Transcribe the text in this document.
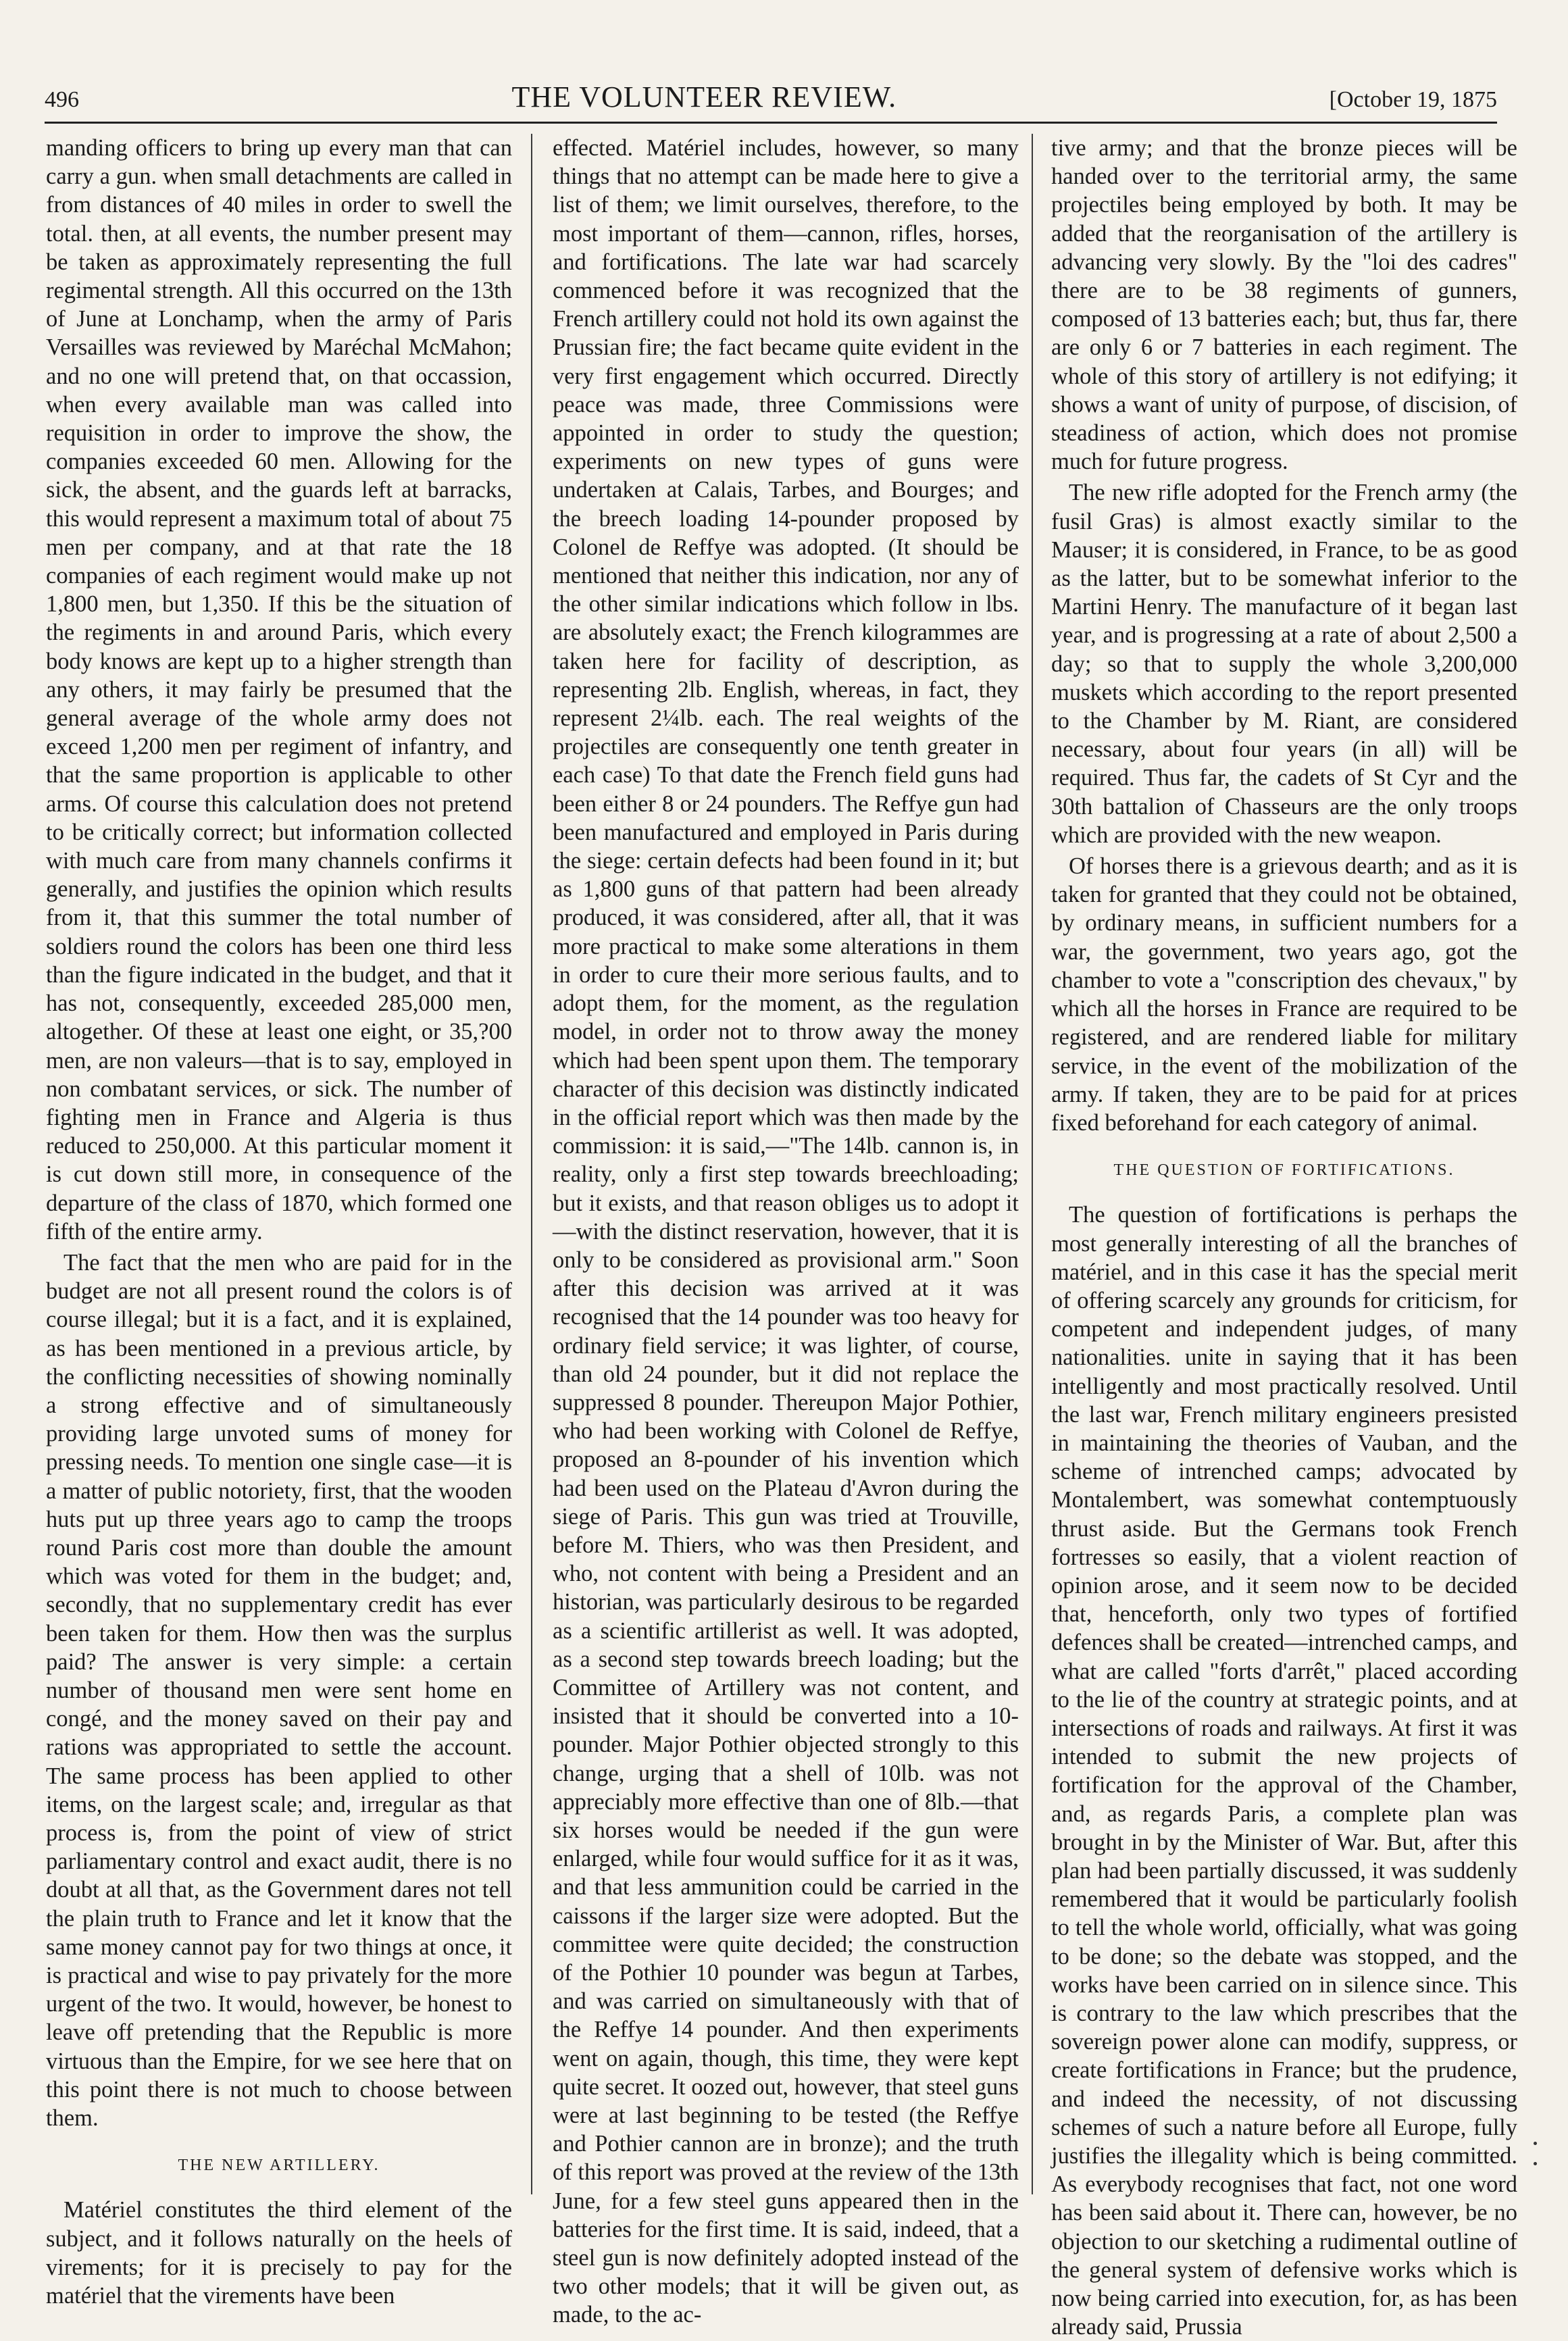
496	THE VOLUNTEER REVIEW.	[October 19, 1875

manding officers to bring up every man that can carry a gun. when small detachments are called in from distances of 40 miles in order to swell the total. then, at all events, the number present may be taken as approximately representing the full regimental strength. All this occurred on the 13th of June at Lonchamp, when the army of Paris Versailles was reviewed by Maréchal McMahon; and no one will pretend that, on that occassion, when every available man was called into requisition in order to improve the show, the companies exceeded 60 men. Allowing for the sick, the absent, and the guards left at barracks, this would represent a maximum total of about 75 men per company, and at that rate the 18 companies of each regiment would make up not 1,800 men, but 1,350. If this be the situation of the regiments in and around Paris, which every body knows are kept up to a higher strength than any others, it may fairly be presumed that the general average of the whole army does not exceed 1,200 men per regiment of infantry, and that the same proportion is applicable to other arms. Of course this calculation does not pretend to be critically correct; but information collected with much care from many channels confirms it generally, and justifies the opinion which results from it, that this summer the total number of soldiers round the colors has been one third less than the figure indicated in the budget, and that it has not, consequently, exceeded 285,000 men, altogether. Of these at least one eight, or 35,?00 men, are non valeurs—that is to say, employed in non combatant services, or sick. The number of fighting men in France and Algeria is thus reduced to 250,000. At this particular moment it is cut down still more, in consequence of the departure of the class of 1870, which formed one fifth of the entire army.

The fact that the men who are paid for in the budget are not all present round the colors is of course illegal; but it is a fact, and it is explained, as has been mentioned in a previous article, by the conflicting necessities of showing nominally a strong effective and of simultaneously providing large unvoted sums of money for pressing needs. To mention one single case—it is a matter of public notoriety, first, that the wooden huts put up three years ago to camp the troops round Paris cost more than double the amount which was voted for them in the budget; and, secondly, that no supplementary credit has ever been taken for them. How then was the surplus paid? The answer is very simple: a certain number of thousand men were sent home en congé, and the money saved on their pay and rations was appropriated to settle the account. The same process has been applied to other items, on the largest scale; and, irregular as that process is, from the point of view of strict parliamentary control and exact audit, there is no doubt at all that, as the Government dares not tell the plain truth to France and let it know that the same money cannot pay for two things at once, it is practical and wise to pay privately for the more urgent of the two. It would, however, be honest to leave off pretending that the Republic is more virtuous than the Empire, for we see here that on this point there is not much to choose between them.

THE NEW ARTILLERY.

Matériel constitutes the third element of the subject, and it follows naturally on the heels of virements; for it is precisely to pay for the matériel that the virements have been

effected. Matériel includes, however, so many things that no attempt can be made here to give a list of them; we limit ourselves, therefore, to the most important of them—cannon, rifles, horses, and fortifications. The late war had scarcely commenced before it was recognized that the French artillery could not hold its own against the Prussian fire; the fact became quite evident in the very first engagement which occurred. Directly peace was made, three Commissions were appointed in order to study the question; experiments on new types of guns were undertaken at Calais, Tarbes, and Bourges; and the breech loading 14-pounder proposed by Colonel de Reffye was adopted. (It should be mentioned that neither this indication, nor any of the other similar indications which follow in lbs. are absolutely exact; the French kilogrammes are taken here for facility of description, as representing 2lb. English, whereas, in fact, they represent 2¼lb. each. The real weights of the projectiles are consequently one tenth greater in each case) To that date the French field guns had been either 8 or 24 pounders. The Reffye gun had been manufactured and employed in Paris during the siege: certain defects had been found in it; but as 1,800 guns of that pattern had been already produced, it was considered, after all, that it was more practical to make some alterations in them in order to cure their more serious faults, and to adopt them, for the moment, as the regulation model, in order not to throw away the money which had been spent upon them. The temporary character of this decision was distinctly indicated in the official report which was then made by the commission: it is said,—"The 14lb. cannon is, in reality, only a first step towards breechloading; but it exists, and that reason obliges us to adopt it—with the distinct reservation, however, that it is only to be considered as provisional arm." Soon after this decision was arrived at it was recognised that the 14 pounder was too heavy for ordinary field service; it was lighter, of course, than old 24 pounder, but it did not replace the suppressed 8 pounder. Thereupon Major Pothier, who had been working with Colonel de Reffye, proposed an 8-pounder of his invention which had been used on the Plateau d'Avron during the siege of Paris. This gun was tried at Trouville, before M. Thiers, who was then President, and who, not content with being a President and an historian, was particularly desirous to be regarded as a scientific artillerist as well. It was adopted, as a second step towards breech loading; but the Committee of Artillery was not content, and insisted that it should be converted into a 10-pounder. Major Pothier objected strongly to this change, urging that a shell of 10lb. was not appreciably more effective than one of 8lb.—that six horses would be needed if the gun were enlarged, while four would suffice for it as it was, and that less ammunition could be carried in the caissons if the larger size were adopted. But the committee were quite decided; the construction of the Pothier 10 pounder was begun at Tarbes, and was carried on simultaneously with that of the Reffye 14 pounder. And then experiments went on again, though, this time, they were kept quite secret. It oozed out, however, that steel guns were at last beginning to be tested (the Reffye and Pothier cannon are in bronze); and the truth of this report was proved at the review of the 13th June, for a few steel guns appeared then in the batteries for the first time. It is said, indeed, that a steel gun is now definitely adopted instead of the two other models; that it will be given out, as made, to the ac-

tive army; and that the bronze pieces will be handed over to the territorial army, the same projectiles being employed by both. It may be added that the reorganisation of the artillery is advancing very slowly. By the "loi des cadres" there are to be 38 regiments of gunners, composed of 13 batteries each; but, thus far, there are only 6 or 7 batteries in each regiment. The whole of this story of artillery is not edifying; it shows a want of unity of purpose, of discision, of steadiness of action, which does not promise much for future progress.

The new rifle adopted for the French army (the fusil Gras) is almost exactly similar to the Mauser; it is considered, in France, to be as good as the latter, but to be somewhat inferior to the Martini Henry. The manufacture of it began last year, and is progressing at a rate of about 2,500 a day; so that to supply the whole 3,200,000 muskets which according to the report presented to the Chamber by M. Riant, are considered necessary, about four years (in all) will be required. Thus far, the cadets of St Cyr and the 30th battalion of Chasseurs are the only troops which are provided with the new weapon.

Of horses there is a grievous dearth; and as it is taken for granted that they could not be obtained, by ordinary means, in sufficient numbers for a war, the government, two years ago, got the chamber to vote a "conscription des chevaux," by which all the horses in France are required to be registered, and are rendered liable for military service, in the event of the mobilization of the army. If taken, they are to be paid for at prices fixed beforehand for each category of animal.

THE QUESTION OF FORTIFICATIONS.

The question of fortifications is perhaps the most generally interesting of all the branches of matériel, and in this case it has the special merit of offering scarcely any grounds for criticism, for competent and independent judges, of many nationalities. unite in saying that it has been intelligently and most practically resolved. Until the last war, French military engineers presisted in maintaining the theories of Vauban, and the scheme of intrenched camps; advocated by Montalembert, was somewhat contemptuously thrust aside. But the Germans took French fortresses so easily, that a violent reaction of opinion arose, and it seem now to be decided that, henceforth, only two types of fortified defences shall be created—intrenched camps, and what are called "forts d'arrêt," placed according to the lie of the country at strategic points, and at intersections of roads and railways. At first it was intended to submit the new projects of fortification for the approval of the Chamber, and, as regards Paris, a complete plan was brought in by the Minister of War. But, after this plan had been partially discussed, it was suddenly remembered that it would be particularly foolish to tell the whole world, officially, what was going to be done; so the debate was stopped, and the works have been carried on in silence since. This is contrary to the law which prescribes that the sovereign power alone can modify, suppress, or create fortifications in France; but the prudence, and indeed the necessity, of not discussing schemes of such a nature before all Europe, fully justifies the illegality which is being committed. As everybody recognises that fact, not one word has been said about it. There can, however, be no objection to our sketching a rudimental outline of the general system of defensive works which is now being carried into execution, for, as has been already said, Prussia
